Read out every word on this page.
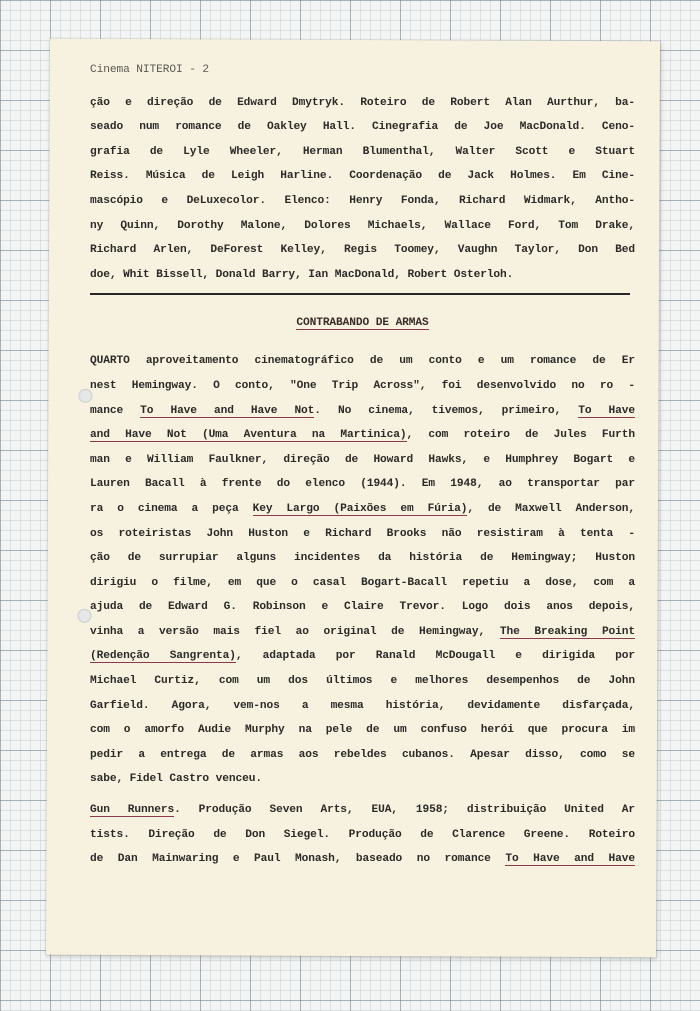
Cinema NITEROI - 2
ção e direção de Edward Dmytryk. Roteiro de Robert Alan Aurthur, ba-
seado num romance de Oakley Hall. Cinegrafia de Joe MacDonald. Ceno-
grafia de Lyle Wheeler, Herman Blumenthal, Walter Scott e Stuart
Reiss. Música de Leigh Harline. Coordenação de Jack Holmes. Em Cine-
mascópio e DeLuxecolor. Elenco: Henry Fonda, Richard Widmark, Antho-
ny Quinn, Dorothy Malone, Dolores Michaels, Wallace Ford, Tom Drake,
Richard Arlen, DeForest Kelley, Regis Toomey, Vaughn Taylor, Don Bed
doe, Whit Bissell, Donald Barry, Ian MacDonald, Robert Osterloh.
CONTRABANDO DE ARMAS
QUARTO aproveitamento cinematográfico de um conto e um romance de Er
nest Hemingway. O conto, "One Trip Across", foi desenvolvido no ro -
mance To Have and Have Not. No cinema, tivemos, primeiro, To Have
and Have Not (Uma Aventura na Martinica), com roteiro de Jules Furth
man e William Faulkner, direção de Howard Hawks, e Humphrey Bogart e
Lauren Bacall à frente do elenco (1944). Em 1948, ao transportar par
ra o cinema a peça Key Largo (Paixões em Fúria), de Maxwell Anderson,
os roteiristas John Huston e Richard Brooks não resistiram à tenta -
ção de surrupiar alguns incidentes da história de Hemingway; Huston
dirigiu o filme, em que o casal Bogart-Bacall repetiu a dose, com a
ajuda de Edward G. Robinson e Claire Trevor. Logo dois anos depois,
vinha a versão mais fiel ao original de Hemingway, The Breaking Point
(Redenção Sangrenta), adaptada por Ranald McDougall e dirigida por
Michael Curtiz, com um dos últimos e melhores desempenhos de John
Garfield. Agora, vem-nos a mesma história, devidamente disfarçada,
com o amorfo Audie Murphy na pele de um confuso herói que procura im
pedir a entrega de armas aos rebeldes cubanos. Apesar disso, como se
sabe, Fidel Castro venceu.
Gun Runners. Produção Seven Arts, EUA, 1958; distribuição United Ar
tists. Direção de Don Siegel. Produção de Clarence Greene. Roteiro
de Dan Mainwaring e Paul Monash, baseado no romance To Have and Have
